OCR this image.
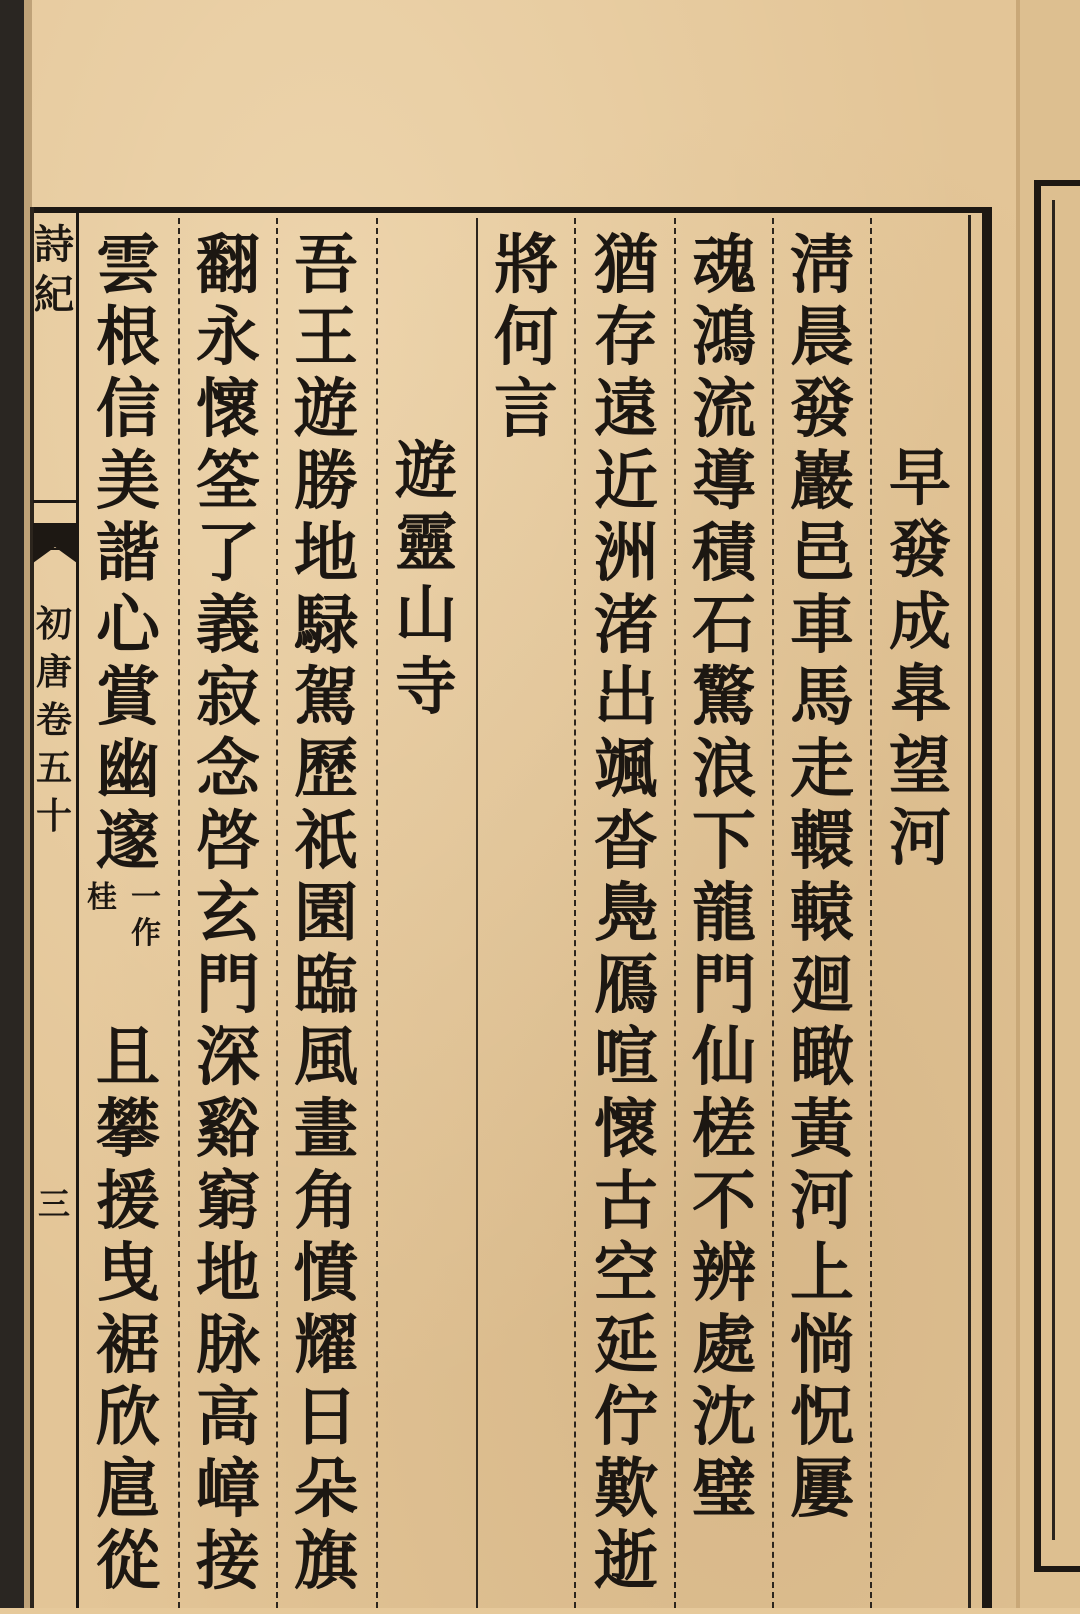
詩
紀
初
唐
卷
五
十
三
早
發
成
臯
望
河
淸
晨
發
巖
邑
車
馬
走
轘
轅
廻
瞰
黃
河
上
惝
怳
屢
魂
鴻
流
導
積
石
驚
浪
下
龍
門
仙
槎
不
辨
處
沈
璧
猶
存
遠
近
洲
渚
出
颯
沓
鳧
鴈
喧
懷
古
空
延
佇
歎
逝
將
何
言
遊
靈
山
寺
吾
王
遊
勝
地
騄
駕
歷
祇
園
臨
風
畫
角
憤
耀
日
朵
旗
翻
永
懷
筌
了
義
寂
念
啓
玄
門
深
谿
窮
地
脉
高
嶂
接
雲
根
信
美
諧
心
賞
幽
邃
且
攀
援
曳
裾
欣
扈
從
一
作
桂
